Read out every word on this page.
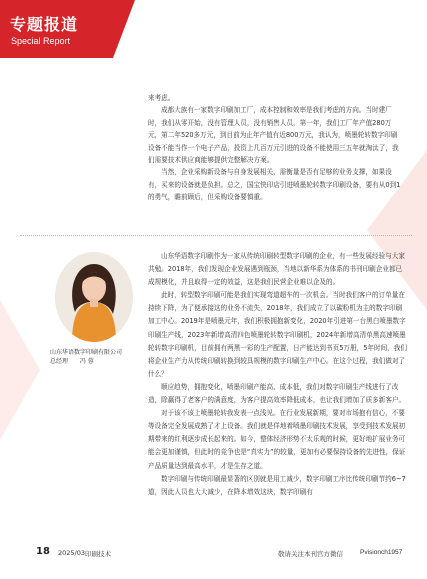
专题报道
Special Report

来考虑。

成都大族有一家数字印刷加工厂，成本控制和效率是我们考虑的方向。当时建厂时，我们从零开始，没有管理人员，没有销售人员，第一年，我们工厂年产值280万元，第二年520多万元，到目前为止年产值有近800万元，我认为，喷墨轮转数字印刷设备不能当作一个电子产品，投资上几百万元引进的设备不能使用三五年就淘汰了，我们需要技术供应商能够提供完整解决方案。

当然，企业采购新设备与自身发展相关，需衡量是否有足够的业务支撑，如果没有，买来的设备就是负担。总之，国宝快印店引进喷墨轮转数字印刷设备，要有从0到1的勇气，瞻前顾后，但采购设备要慎重。

山东华语数字印刷有限公司
总经理 冯 蓉

山东华语数字印刷作为一家从传统印刷转型数字印刷的企业，有一些发展经验与大家共勉。2018年，我们发现企业发展遇到瓶颈，当地以新华系为体系的书刊印刷企业都已成规模化，并且取得一定的效益，这是我们民营企业难以企及的。

此时，转型数字印刷可能是我们实现弯道超车的一次机会。当时我们客户的订单量在持续下降，为了便承接这的业务不流失，2018年，我们成立了以碳粉机为主的数字印刷加工中心。2019年是喷墨元年，我们积极拥抱新变化，2020年引进第一台黑白喷墨数字印刷生产线，2023年新增高清四色喷墨轮转数字印刷机，2024年新增高清单黑高速喷墨轮转数字印刷机，目前拥有两黑一彩的生产配置，日产能达到书页5万册，5年时间，我们将企业生产力从传统印刷转换到较具规模的数字印刷生产中心。在这个过程，我们做对了什么？

顺应趋势，拥抱变化，喷墨印刷产能高、成本低，我们对数字印刷生产线进行了改造，除赢得了老客户的满意度，为客户提高效率降低成本，也让我们增加了质多新客户。

对于该不该上喷墨轮转我发表一点浅见。在行业发展新期，要对市场抱有信心，不要等设备完全发展成熟了才上设备。我们就是佯地着喷墨印刷技术发展，享受到技术发展初期带来的红利逐步成长起来的。如今，整体经济形势不太乐观的时候，更好地扩展业务可能会更加谨慎，但此时的竞争也是“真实力”的较量，更加有必要保持设备的先进性，保证产品质量达到最高水平，才是生存之道。

数字印刷与传统印刷最显著的区别就是用工减少，数字印刷工序比传统印刷节约6~7道，因此人员也大大减少，在降本增效这块，数字印刷有

18 2025/03 印刷技术	敬请关注本刊官方微信	Pvisionch1957
